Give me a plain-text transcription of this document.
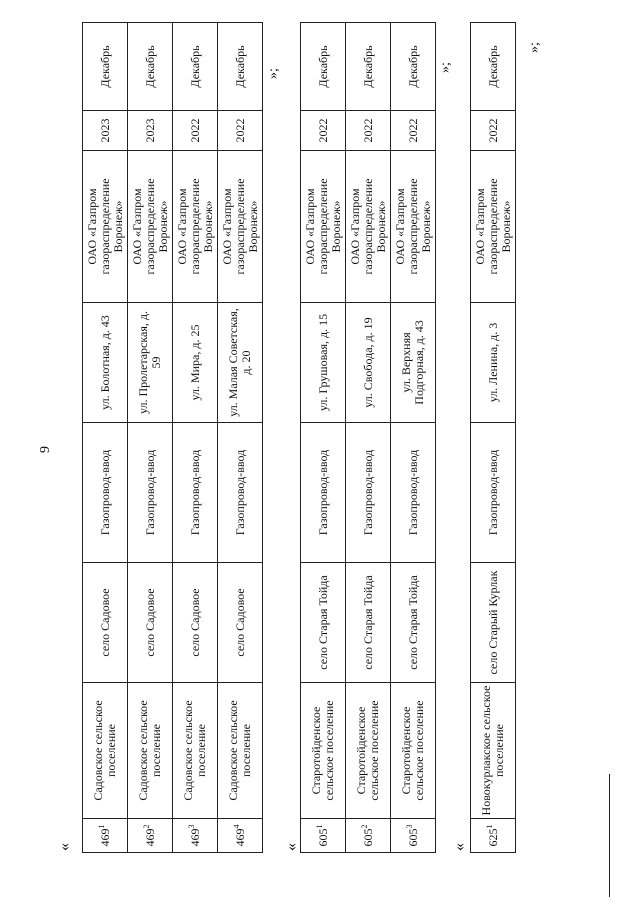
9
«
$469^1$	Садовское сельское поселение	село Садовое	Газопровод-ввод	ул. Болотная, д. 43	ОАО «Газпром газораспределение Воронеж»	2023	Декабрь
$469^2$	Садовское сельское поселение	село Садовое	Газопровод-ввод	ул. Пролетарская, д. 59	ОАО «Газпром газораспределение Воронеж»	2023	Декабрь
$469^3$	Садовское сельское поселение	село Садовое	Газопровод-ввод	ул. Мира, д. 25	ОАО «Газпром газораспределение Воронеж»	2022	Декабрь
$469^4$	Садовское сельское поселение	село Садовое	Газопровод-ввод	ул. Малая Советская, д. 20	ОАО «Газпром газораспределение Воронеж»	2022	Декабрь »;
«
$605^1$	Старотойденское сельское поселение	село Старая Тойда	Газопровод-ввод	ул. Грушовая, д. 15	ОАО «Газпром газораспределение Воронеж»	2022	Декабрь
$605^2$	Старотойденское сельское поселение	село Старая Тойда	Газопровод-ввод	ул. Свобода, д. 19	ОАО «Газпром газораспределение Воронеж»	2022	Декабрь
$605^3$	Старотойденское сельское поселение	село Старая Тойда	Газопровод-ввод	ул. Верхняя Подгорная, д. 43	ОАО «Газпром газораспределение Воронеж»	2022	Декабрь »;
«
$625^1$	Новокурлакское сельское поселение	село Старый Курлак	Газопровод-ввод	ул. Ленина, д. 3	ОАО «Газпром газораспределение Воронеж»	2022	Декабрь »;
